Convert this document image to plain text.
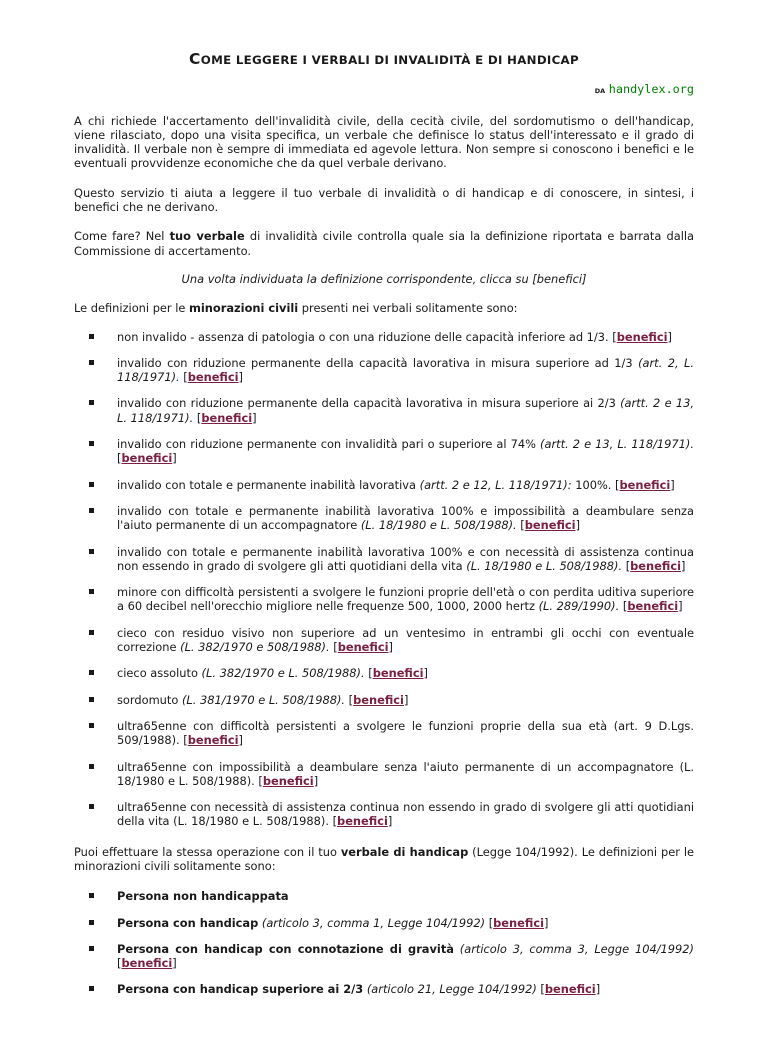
COME LEGGERE I VERBALI DI INVALIDITÀ E DI HANDICAP
DA handylex.org

A chi richiede l'accertamento dell'invalidità civile, della cecità civile, del sordomutismo o dell'handicap, viene rilasciato, dopo una visita specifica, un verbale che definisce lo status dell'interessato e il grado di invalidità. Il verbale non è sempre di immediata ed agevole lettura. Non sempre si conoscono i benefici e le eventuali provvidenze economiche che da quel verbale derivano.

Questo servizio ti aiuta a leggere il tuo verbale di invalidità o di handicap e di conoscere, in sintesi, i benefici che ne derivano.

Come fare? Nel tuo verbale di invalidità civile controlla quale sia la definizione riportata e barrata dalla Commissione di accertamento.

Una volta individuata la definizione corrispondente, clicca su [benefici]

Le definizioni per le minorazioni civili presenti nei verbali solitamente sono:

non invalido - assenza di patologia o con una riduzione delle capacità inferiore ad 1/3. [benefici]
invalido con riduzione permanente della capacità lavorativa in misura superiore ad 1/3 (art. 2, L. 118/1971). [benefici]
invalido con riduzione permanente della capacità lavorativa in misura superiore ai 2/3 (artt. 2 e 13, L. 118/1971). [benefici]
invalido con riduzione permanente con invalidità pari o superiore al 74% (artt. 2 e 13, L. 118/1971). [benefici]
invalido con totale e permanente inabilità lavorativa (artt. 2 e 12, L. 118/1971): 100%. [benefici]
invalido con totale e permanente inabilità lavorativa 100% e impossibilità a deambulare senza l'aiuto permanente di un accompagnatore (L. 18/1980 e L. 508/1988). [benefici]
invalido con totale e permanente inabilità lavorativa 100% e con necessità di assistenza continua non essendo in grado di svolgere gli atti quotidiani della vita (L. 18/1980 e L. 508/1988). [benefici]
minore con difficoltà persistenti a svolgere le funzioni proprie dell'età o con perdita uditiva superiore a 60 decibel nell'orecchio migliore nelle frequenze 500, 1000, 2000 hertz (L. 289/1990). [benefici]
cieco con residuo visivo non superiore ad un ventesimo in entrambi gli occhi con eventuale correzione (L. 382/1970 e 508/1988). [benefici]
cieco assoluto (L. 382/1970 e L. 508/1988). [benefici]
sordomuto (L. 381/1970 e L. 508/1988). [benefici]
ultra65enne con difficoltà persistenti a svolgere le funzioni proprie della sua età (art. 9 D.Lgs. 509/1988). [benefici]
ultra65enne con impossibilità a deambulare senza l'aiuto permanente di un accompagnatore (L. 18/1980 e L. 508/1988). [benefici]
ultra65enne con necessità di assistenza continua non essendo in grado di svolgere gli atti quotidiani della vita (L. 18/1980 e L. 508/1988). [benefici]

Puoi effettuare la stessa operazione con il tuo verbale di handicap (Legge 104/1992). Le definizioni per le minorazioni civili solitamente sono:

Persona non handicappata
Persona con handicap (articolo 3, comma 1, Legge 104/1992) [benefici]
Persona con handicap con connotazione di gravità (articolo 3, comma 3, Legge 104/1992) [benefici]
Persona con handicap superiore ai 2/3 (articolo 21, Legge 104/1992) [benefici]
